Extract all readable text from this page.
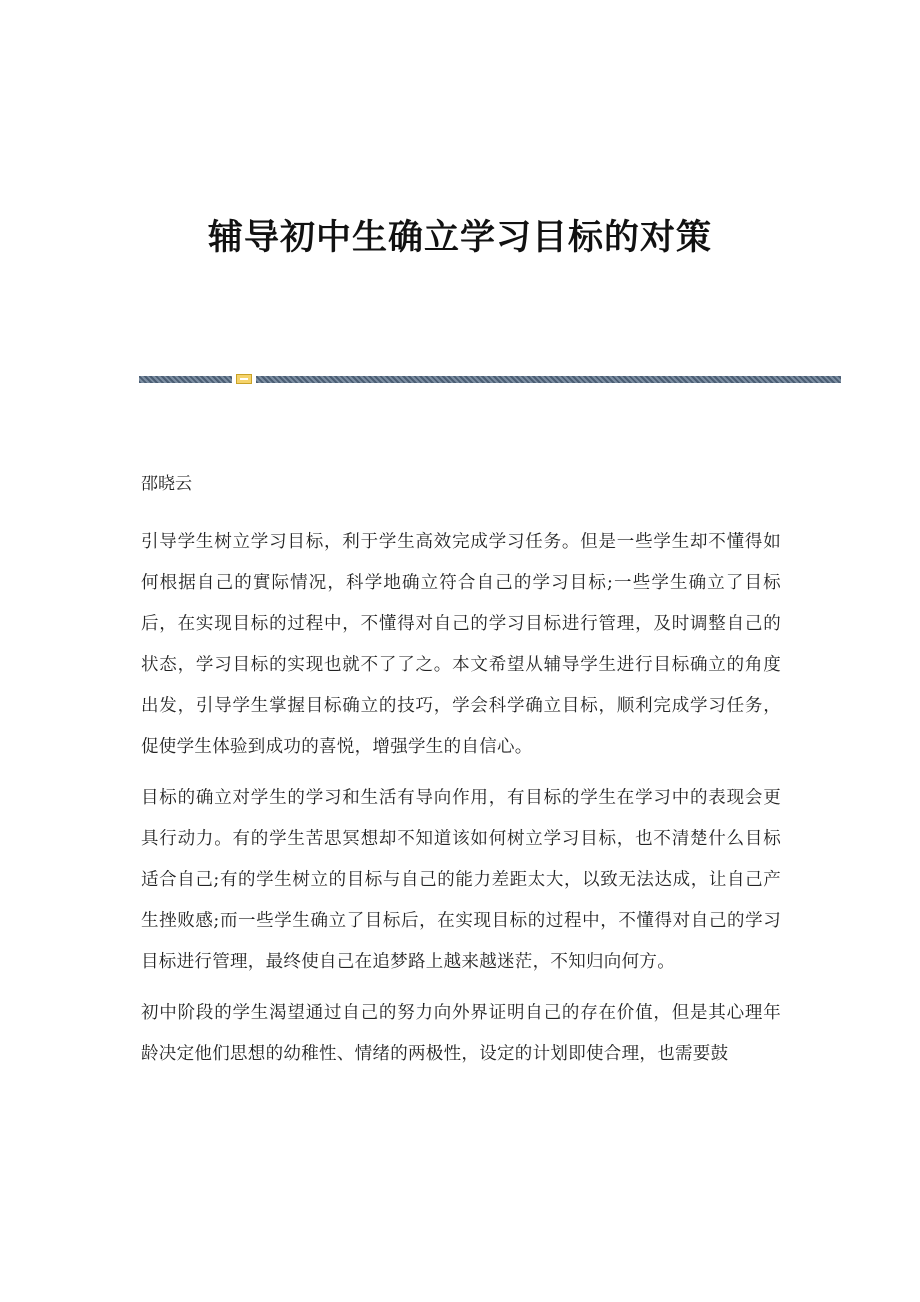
辅导初中生确立学习目标的对策

邵晓云

引导学生树立学习目标，利于学生高效完成学习任务。但是一些学生却不懂得如何根据自己的實际情况，科学地确立符合自己的学习目标;一些学生确立了目标后，在实现目标的过程中，不懂得对自己的学习目标进行管理，及时调整自己的状态，学习目标的实现也就不了了之。本文希望从辅导学生进行目标确立的角度出发，引导学生掌握目标确立的技巧，学会科学确立目标，顺利完成学习任务，促使学生体验到成功的喜悦，增强学生的自信心。

目标的确立对学生的学习和生活有导向作用，有目标的学生在学习中的表现会更具行动力。有的学生苦思冥想却不知道该如何树立学习目标，也不清楚什么目标适合自己;有的学生树立的目标与自己的能力差距太大，以致无法达成，让自己产生挫败感;而一些学生确立了目标后，在实现目标的过程中，不懂得对自己的学习目标进行管理，最终使自己在追梦路上越来越迷茫，不知归向何方。

初中阶段的学生渴望通过自己的努力向外界证明自己的存在价值，但是其心理年龄决定他们思想的幼稚性、情绪的两极性，设定的计划即使合理，也需要鼓
